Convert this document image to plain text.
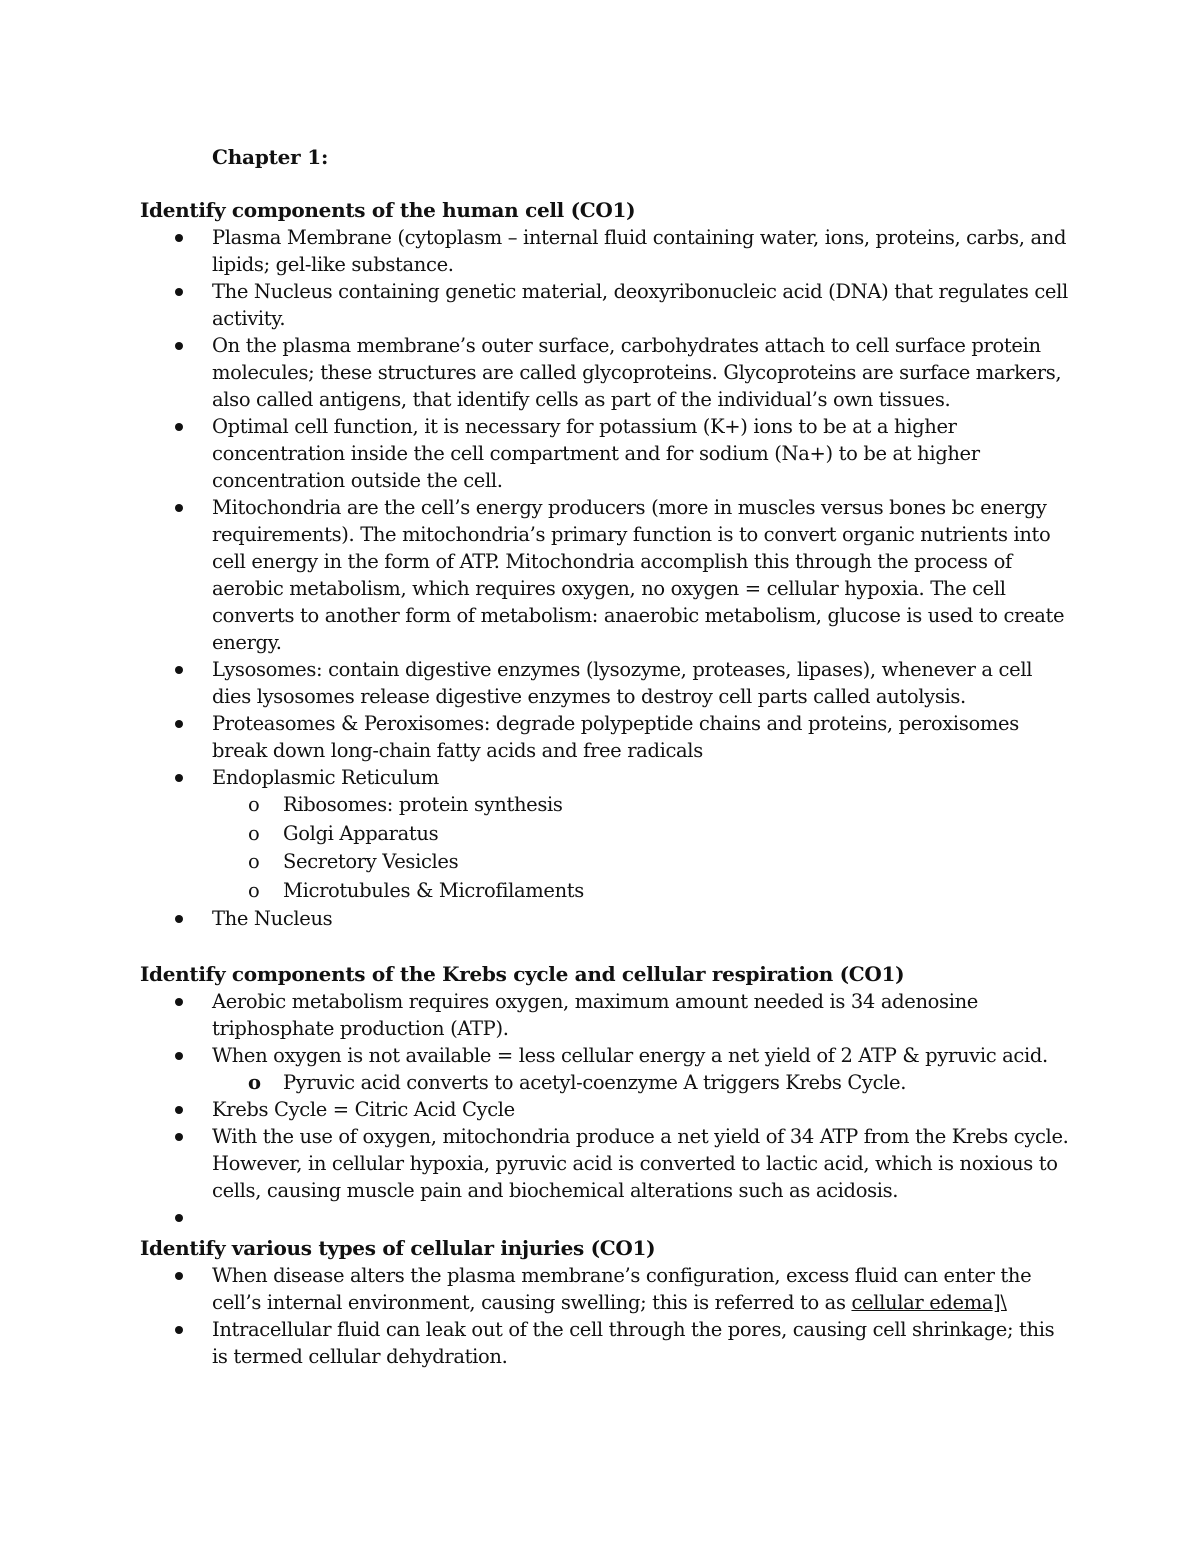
Chapter 1:
Identify components of the human cell (CO1)
Plasma Membrane (cytoplasm – internal fluid containing water, ions, proteins, carbs, and lipids; gel-like substance.
The Nucleus containing genetic material, deoxyribonucleic acid (DNA) that regulates cell activity.
On the plasma membrane’s outer surface, carbohydrates attach to cell surface protein molecules; these structures are called glycoproteins. Glycoproteins are surface markers, also called antigens, that identify cells as part of the individual’s own tissues.
Optimal cell function, it is necessary for potassium (K+) ions to be at a higher concentration inside the cell compartment and for sodium (Na+) to be at higher concentration outside the cell.
Mitochondria are the cell’s energy producers (more in muscles versus bones bc energy requirements). The mitochondria’s primary function is to convert organic nutrients into cell energy in the form of ATP. Mitochondria accomplish this through the process of aerobic metabolism, which requires oxygen, no oxygen = cellular hypoxia. The cell converts to another form of metabolism: anaerobic metabolism, glucose is used to create energy.
Lysosomes: contain digestive enzymes (lysozyme, proteases, lipases), whenever a cell dies lysosomes release digestive enzymes to destroy cell parts called autolysis.
Proteasomes & Peroxisomes: degrade polypeptide chains and proteins, peroxisomes break down long-chain fatty acids and free radicals
Endoplasmic Reticulum
o Ribosomes: protein synthesis
o Golgi Apparatus
o Secretory Vesicles
o Microtubules & Microfilaments
The Nucleus
Identify components of the Krebs cycle and cellular respiration (CO1)
Aerobic metabolism requires oxygen, maximum amount needed is 34 adenosine triphosphate production (ATP).
When oxygen is not available = less cellular energy a net yield of 2 ATP & pyruvic acid.
o Pyruvic acid converts to acetyl-coenzyme A triggers Krebs Cycle.
Krebs Cycle = Citric Acid Cycle
With the use of oxygen, mitochondria produce a net yield of 34 ATP from the Krebs cycle. However, in cellular hypoxia, pyruvic acid is converted to lactic acid, which is noxious to cells, causing muscle pain and biochemical alterations such as acidosis.
Identify various types of cellular injuries (CO1)
When disease alters the plasma membrane’s configuration, excess fluid can enter the cell’s internal environment, causing swelling; this is referred to as cellular edema]\
Intracellular fluid can leak out of the cell through the pores, causing cell shrinkage; this is termed cellular dehydration.
